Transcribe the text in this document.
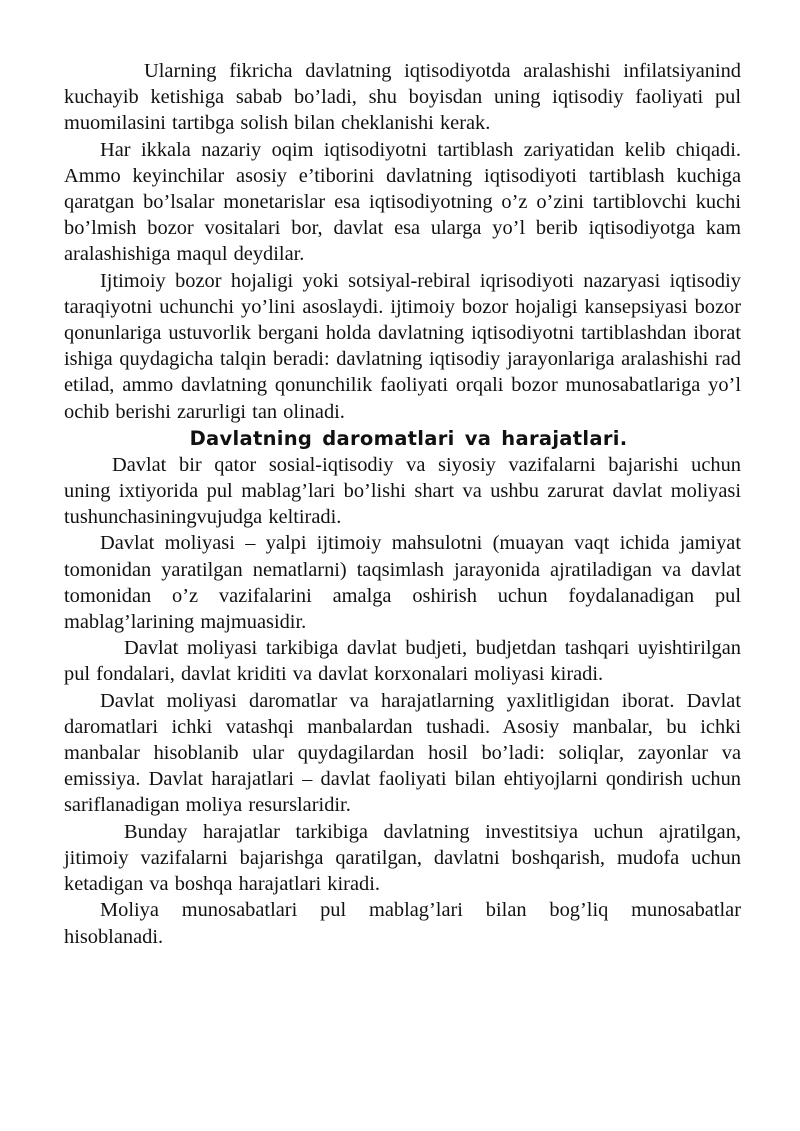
Ularning fikricha davlatning iqtisodiyotda aralashishi infilatsiyanind kuchayib ketishiga sabab bo’ladi, shu boyisdan uning iqtisodiy faoliyati pul muomilasini tartibga solish bilan cheklanishi kerak.

Har ikkala nazariy oqim iqtisodiyotni tartiblash zariyatidan kelib chiqadi. Ammo keyinchilar asosiy e’tiborini davlatning iqtisodiyoti tartiblash kuchiga qaratgan bo’lsalar monetarislar esa iqtisodiyotning o’z o’zini tartiblovchi kuchi bo’lmish bozor vositalari bor, davlat esa ularga yo’l berib iqtisodiyotga kam aralashishiga maqul deydilar.

Ijtimoiy bozor hojaligi yoki sotsiyal-rebiral iqrisodiyoti nazaryasi iqtisodiy taraqiyotni uchunchi yo’lini asoslaydi. ijtimoiy bozor hojaligi kansepsiyasi bozor qonunlariga ustuvorlik bergani holda davlatning iqtisodiyotni tartiblashdan iborat ishiga quydagicha talqin beradi: davlatning iqtisodiy jarayonlariga aralashishi rad etilad, ammo davlatning qonunchilik faoliyati orqali bozor munosabatlariga yo’l ochib berishi zarurligi tan olinadi.

Davlatning daromatlari va harajatlari.

Davlat bir qator sosial-iqtisodiy va siyosiy vazifalarni bajarishi uchun uning ixtiyorida pul mablag’lari bo’lishi shart va ushbu zarurat davlat moliyasi tushunchasiningvujudga keltiradi.

Davlat moliyasi – yalpi ijtimoiy mahsulotni (muayan vaqt ichida jamiyat tomonidan yaratilgan nematlarni) taqsimlash jarayonida ajratiladigan va davlat tomonidan o’z vazifalarini amalga oshirish uchun foydalanadigan pul mablag’larining majmuasidir.

Davlat moliyasi tarkibiga davlat budjeti, budjetdan tashqari uyishtirilgan pul fondalari, davlat kriditi va davlat korxonalari moliyasi kiradi.

Davlat moliyasi daromatlar va harajatlarning yaxlitligidan iborat. Davlat daromatlari ichki vatashqi manbalardan tushadi. Asosiy manbalar, bu ichki manbalar hisoblanib ular quydagilardan hosil bo’ladi: soliqlar, zayonlar va emissiya. Davlat harajatlari – davlat faoliyati bilan ehtiyojlarni qondirish uchun sariflanadigan moliya resurslaridir.

Bunday harajatlar tarkibiga davlatning investitsiya uchun ajratilgan, jitimoiy vazifalarni bajarishga qaratilgan, davlatni boshqarish, mudofa uchun ketadigan va boshqa harajatlari kiradi.

Moliya munosabatlari pul mablag’lari bilan bog’liq munosabatlar hisoblanadi.
